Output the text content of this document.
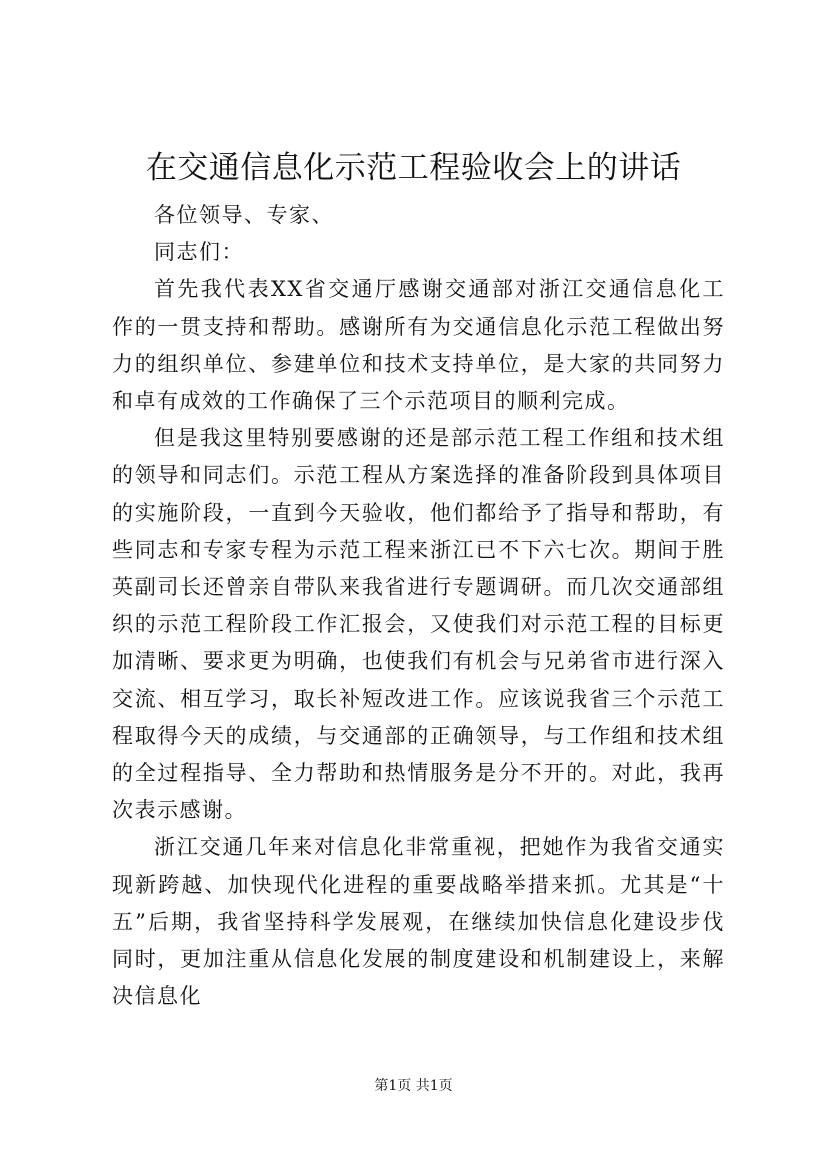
在交通信息化示范工程验收会上的讲话

各位领导、专家、

同志们：

首先我代表XX省交通厅感谢交通部对浙江交通信息化工作的一贯支持和帮助。感谢所有为交通信息化示范工程做出努力的组织单位、参建单位和技术支持单位，是大家的共同努力和卓有成效的工作确保了三个示范项目的顺利完成。

但是我这里特别要感谢的还是部示范工程工作组和技术组的领导和同志们。示范工程从方案选择的准备阶段到具体项目的实施阶段，一直到今天验收，他们都给予了指导和帮助，有些同志和专家专程为示范工程来浙江已不下六七次。期间于胜英副司长还曾亲自带队来我省进行专题调研。而几次交通部组织的示范工程阶段工作汇报会，又使我们对示范工程的目标更加清晰、要求更为明确，也使我们有机会与兄弟省市进行深入交流、相互学习，取长补短改进工作。应该说我省三个示范工程取得今天的成绩，与交通部的正确领导，与工作组和技术组的全过程指导、全力帮助和热情服务是分不开的。对此，我再次表示感谢。

浙江交通几年来对信息化非常重视，把她作为我省交通实现新跨越、加快现代化进程的重要战略举措来抓。尤其是“十五”后期，我省坚持科学发展观，在继续加快信息化建设步伐同时，更加注重从信息化发展的制度建设和机制建设上，来解决信息化

第1页 共1页
